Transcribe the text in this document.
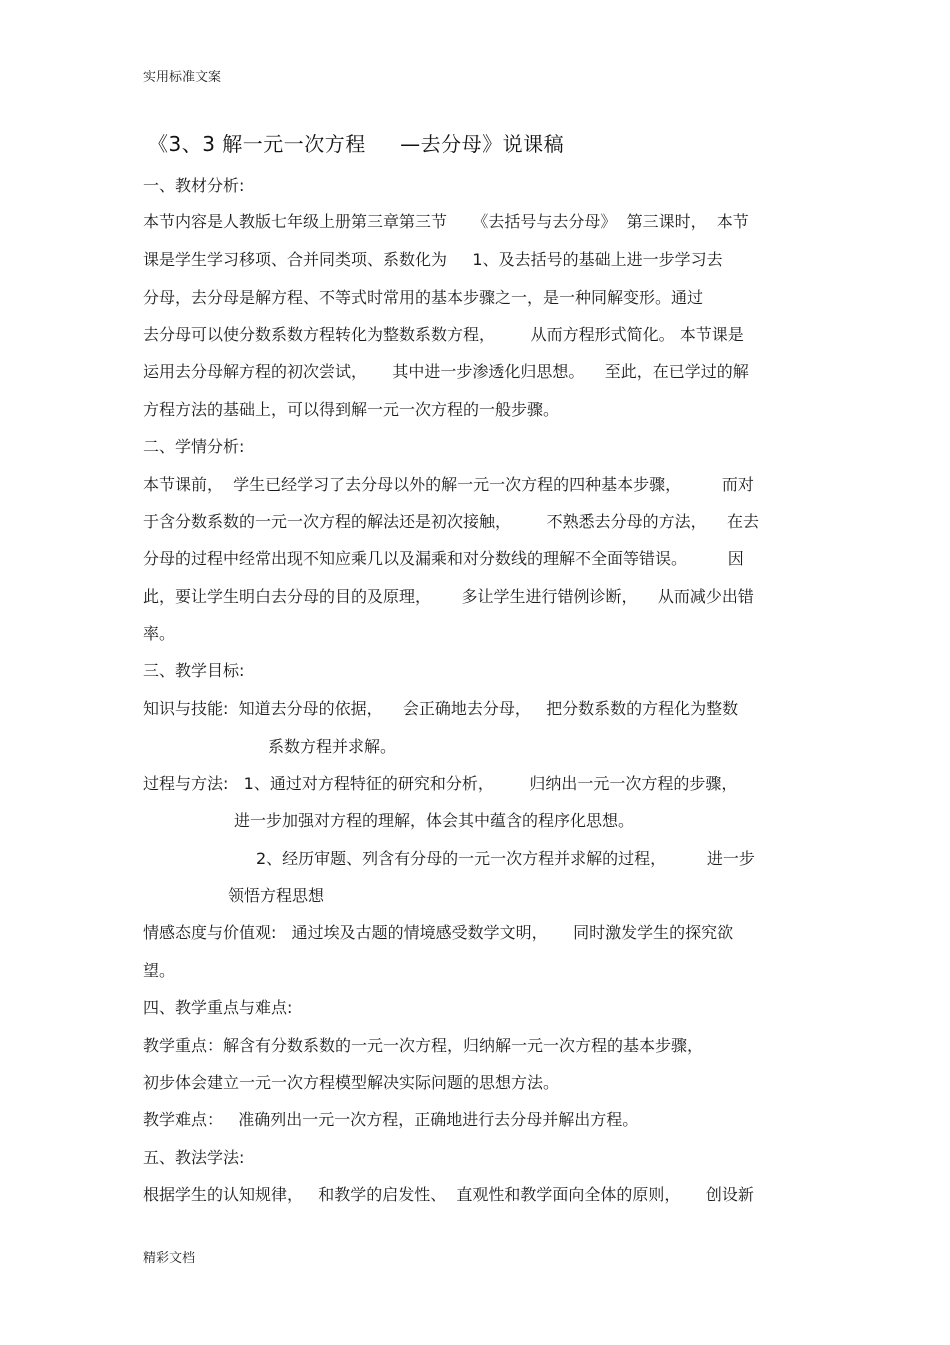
实用标准文案
《3、3 解一元一次方程     —去分母》说课稿
一、教材分析:
本节内容是人教版七年级上册第三章第三节     《去括号与去分母》  第三课时，  本节
课是学生学习移项、合并同类项、系数化为     1、及去括号的基础上进一步学习去
分母，去分母是解方程、不等式时常用的基本步骤之一，是一种同解变形。通过
去分母可以使分数系数方程转化为整数系数方程，       从而方程形式简化。 本节课是
运用去分母解方程的初次尝试，     其中进一步渗透化归思想。    至此，在已学过的解
方程方法的基础上，可以得到解一元一次方程的一般步骤。
二、学情分析:
本节课前，  学生已经学习了去分母以外的解一元一次方程的四种基本步骤，        而对
于含分数系数的一元一次方程的解法还是初次接触，       不熟悉去分母的方法，    在去
分母的过程中经常出现不知应乘几以及漏乘和对分数线的理解不全面等错误。        因
此，要让学生明白去分母的目的及原理，      多让学生进行错例诊断，    从而减少出错
率。
三、教学目标:
知识与技能:  知道去分母的依据，    会正确地去分母，   把分数系数的方程化为整数
系数方程并求解。
过程与方法:   1、通过对方程特征的研究和分析，       归纳出一元一次方程的步骤，
进一步加强对方程的理解，体会其中蕴含的程序化思想。
2、经历审题、列含有分母的一元一次方程并求解的过程，        进一步
领悟方程思想
情感态度与价值观:   通过埃及古题的情境感受数学文明，     同时激发学生的探究欲
望。
四、教学重点与难点:
教学重点：解含有分数系数的一元一次方程，归纳解一元一次方程的基本步骤，
初步体会建立一元一次方程模型解决实际问题的思想方法。
教学难点：   准确列出一元一次方程，正确地进行去分母并解出方程。
五、教法学法:
根据学生的认知规律，   和教学的启发性、  直观性和教学面向全体的原则，     创设新
精彩文档
